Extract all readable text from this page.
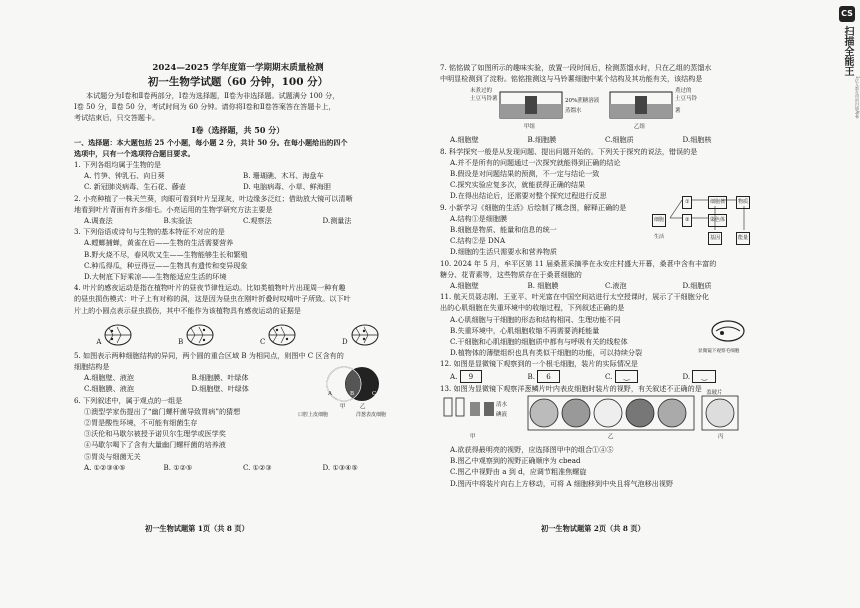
2024—2025 学年度第一学期期末质量检测
初一生物学试题（60 分钟，100 分）

本试题分为Ⅰ卷和Ⅱ卷两部分，Ⅰ卷为选择题，Ⅱ卷为非选择题。试题满分 100 分，

Ⅰ卷 50 分，Ⅱ卷 50 分，考试时间为 60 分钟。请你将Ⅰ卷和Ⅱ卷答案答在答题卡上，

考试结束后，只交答题卡。

Ⅰ卷（选择题，共 50 分）

一、选择题：本大题包括 25 个小题，每小题 2 分，共计 50 分。在每小题给出的四个

选项中，只有一个选项符合题目要求。

1. 下列各组均属于生物的是

A. 竹笋、钟乳石、向日葵	B. 珊瑚礁、木耳、海盘车
C. 新冠肺炎病毒、生石花、藤壶	D. 电脑病毒、小草、鲜海胆

2. 小亮种植了一株天竺葵，肉眼可看到叶片呈现灰，叶边缘多泛红；借助放大镜可以清晰

地看到叶片背面有许多细毛。小亮运用的生物学研究方法主要是

A.调查法	B.实验法	C.观察法	D.测量法

3. 下列俗语或诗句与生物的基本特征不对应的是

A.螳螂捕蝉，黄雀在后——生物的生活需要营养

B.野火烧不尽，春风吹又生——生物能够生长和繁殖

C.种瓜得瓜，种豆得豆——生物具有遗传和变异现象

D.大树底下好乘凉——生物能适应生活的环境

4. 叶片的感夜运动是指在植物叶片的昼夜节律性运动。比如类植物叶片出现周一种有趣

的昼虫损伤模式：叶子上有对称的洞，这是因为昼虫在刚叶折叠时叹啃叶子所致。以下叶

片上的小圆点表示昼虫损伤，其中不能作为该植物具有感夜运动的证据是

A	B	C	D

5. 如图表示两种细胞结构的异同，两个圆的重合区域 B 为相同点，则图中 C 区含有的

细胞结构是

A.细胞壁、液泡	B.细胞膜、叶绿体
C.细胞膜、液泡	D.细胞壁、叶绿体
A	B	C
甲	乙
口腔上皮细胞	洋葱表皮细胞

6. 下列叙述中，属于观点的一组是

①澳型学家伤提出了“幽门螺杆菌导致胃病”的猜想

②胃是酸性环境，不可能有细菌生存

③沃伦和马歇尔被授予诺贝尔生理学或医学奖

④马歇尔喝下了含有大量幽门螺杆菌的培养液

⑤胃炎与细菌无关

A. ①②③④⑤	B. ①②⑤	C. ①②③	D. ①③④⑤
初一生物试题第 1页（共 8 页）

7. 铭铭做了如图所示的趣味实验，放置一段时间后，检测蒸馏水时，只在乙组的蒸馏水

中明显检测到了淀粉。铭铭推测这与马铃薯细胞中某个结构及其功能有关，该结构是

未煮过的
土豆马铃薯	20%蔗糖溶液
蒸馏水
煮过的
土豆马铃薯
甲组	乙组
A.细胞壁	B.细胞膜	C.细胞质	D.细胞核

8. 科学探究一般是从发现问题、提出问题开始的。下列关于探究的说法，错误的是

A.并不是所有的问题通过一次探究就能得到正确的结论

B.假设是对问题结果的预测，不一定与结论一致

C.探究实验应复多次，就能获得正确的结果

D.在得出结论后，还需要对整个探究过程进行反思

9. 小新学习《细胞的生活》后绘制了概念图，解释正确的是

A.结构①是细胞膜

B.细胞是物质、能量和信息的统一

C.结构②是 DNA

D.细胞的生活只需要水和营养物质

细胞
①	细胞核	物质
②	染色体
生活	基因	能量

10. 2024 年 5 月，牟平区第 11 届桑葚采摘季在永安庄村盛大开幕，桑葚中含有丰富的

糖分、花青素等，这些物质存在于桑葚细胞的

A.细胞壁	B. 细胞膜	C.液泡	D.细胞质

11. 航天员聂志刚、王亚平、叶光富在中国空间站进行太空授课时，展示了干细胞分化

出的心肌细胞在失重环境中的收缩过程，下列叙述正确的是

A.心肌细胞与干细胞的形态和结构相同、生理功能不同

B.失重环境中，心肌细胞收缩不再需要消耗能量

C.干细胞和心肌细胞的细胞质中都有与呼吸有关的线粒体

D.植物体的薄壁组织也具有类似干细胞的功能，可以持续分裂	显微镜下观察毛细胞

12. 如图是显微镜下观察到的一个根毛细胞，装片的实际情况是

A. 9	B. 6	C. ‿	D. ‿

13. 如图为显微镜下观察洋葱鳞片叶内表皮细胞时装片的视野，有关叙述不正确的是

清水
碘液
甲	乙	丙
盖玻片

A.欲获得最明亮的视野，应选择图甲中的组合①④⑤

B.图乙中观察到的视野正确顺序为 cbead

C.图乙中视野由 a 到 d，应调节粗准焦螺旋

D.图丙中将装片向右上方移动，可将 A 细胞移到中央且将气泡移出视野

初一生物试题第 2页（共 8 页）
CS
扫描全能王
3亿人都在用的扫描App
